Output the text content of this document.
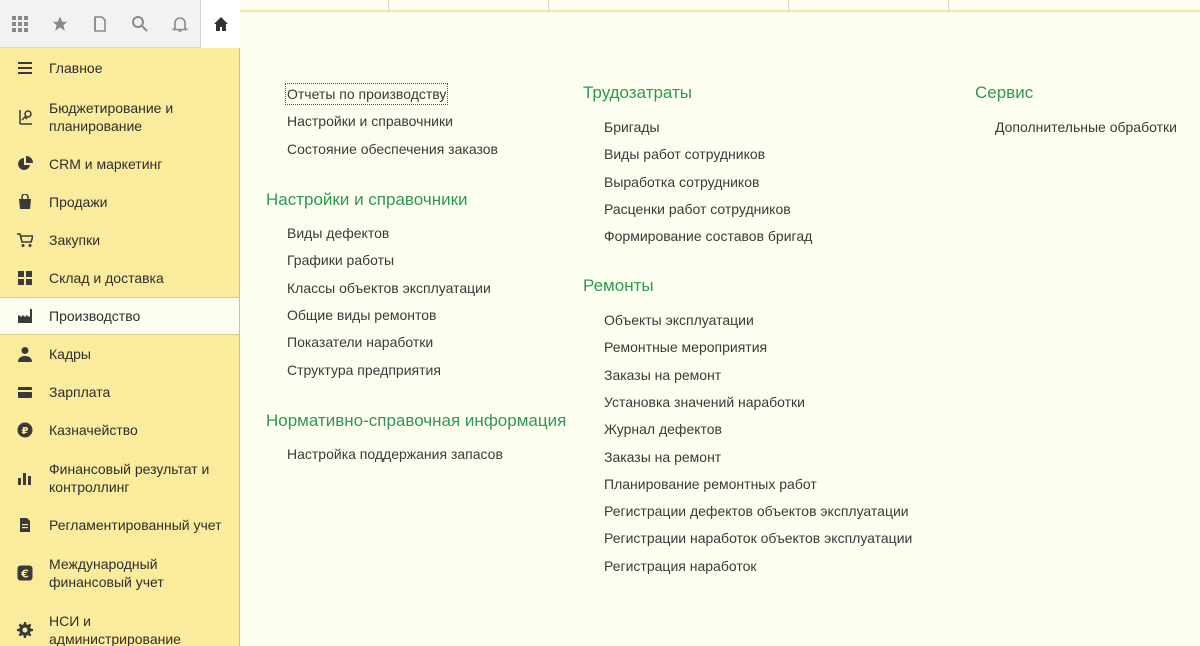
Главное
Бюджетирование и
планирование
CRM и маркетинг
Продажи
Закупки
Склад и доставка
Производство
Кадры
Зарплата
₽ Казначейство
Финансовый результат и
контроллинг
Регламентированный учет
€
Международный
финансовый учет
НСИ и
администрирование
Отчеты по производству
Настройки и справочники
Состояние обеспечения заказов
Настройки и справочники
Виды дефектов
Графики работы
Классы объектов эксплуатации
Общие виды ремонтов
Показатели наработки
Структура предприятия
Нормативно-справочная информация
Настройка поддержания запасов
Трудозатраты
Бригады
Виды работ сотрудников
Выработка сотрудников
Расценки работ сотрудников
Формирование составов бригад
Ремонты
Объекты эксплуатации
Ремонтные мероприятия
Заказы на ремонт
Установка значений наработки
Журнал дефектов
Заказы на ремонт
Планирование ремонтных работ
Регистрации дефектов объектов эксплуатации
Регистрации наработок объектов эксплуатации
Регистрация наработок
Сервис
Дополнительные обработки
